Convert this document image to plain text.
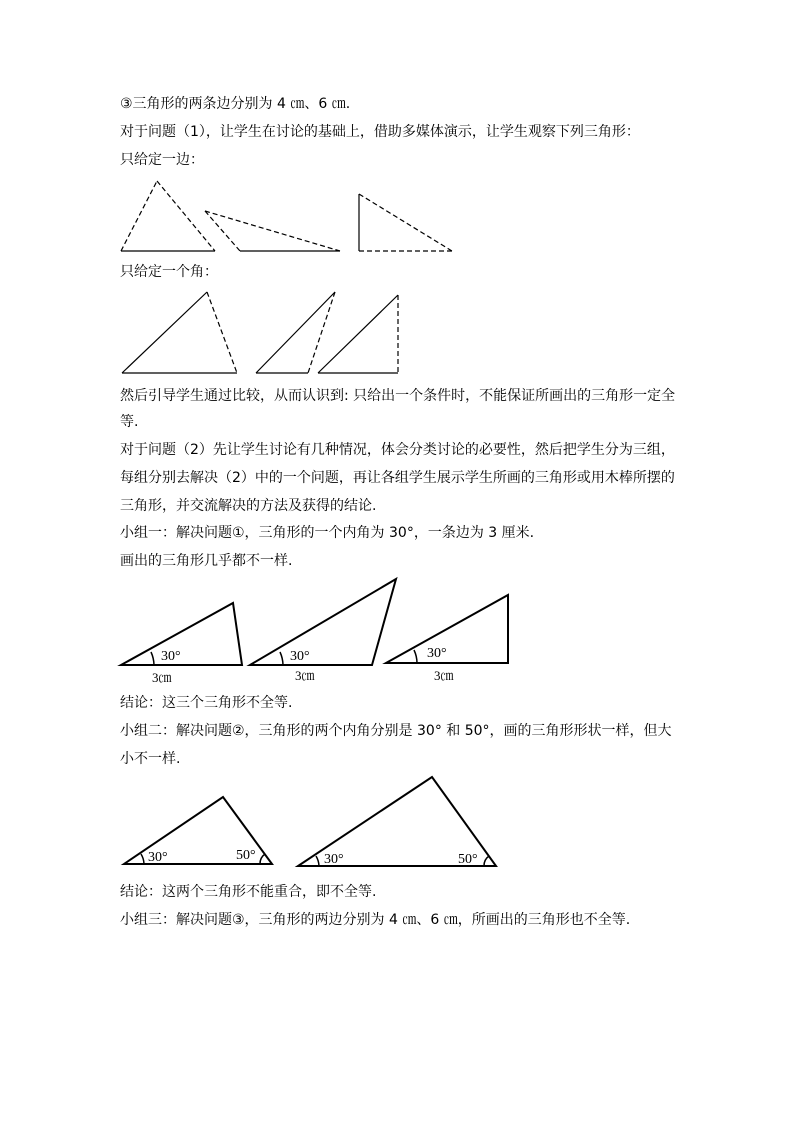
③三角形的两条边分别为 4 ㎝、6 ㎝.
对于问题（1），让学生在讨论的基础上，借助多媒体演示，让学生观察下列三角形：
只给定一边：
只给定一个角：
然后引导学生通过比较，从而认识到: 只给出一个条件时，不能保证所画出的三角形一定全
等.
对于问题（2）先让学生讨论有几种情况，体会分类讨论的必要性，然后把学生分为三组，
每组分别去解决（2）中的一个问题，再让各组学生展示学生所画的三角形或用木棒所摆的
三角形，并交流解决的方法及获得的结论.
小组一：解决问题①，三角形的一个内角为 30°，一条边为 3 厘米.
画出的三角形几乎都不一样.
30°	30°	30°
3㎝	3㎝	3㎝
结论：这三个三角形不全等.
小组二：解决问题②，三角形的两个内角分别是 30° 和 50°，画的三角形形状一样，但大
小不一样.
30°	50°	30°	50°
结论：这两个三角形不能重合，即不全等.
小组三：解决问题③，三角形的两边分别为 4 ㎝、6 ㎝，所画出的三角形也不全等.
